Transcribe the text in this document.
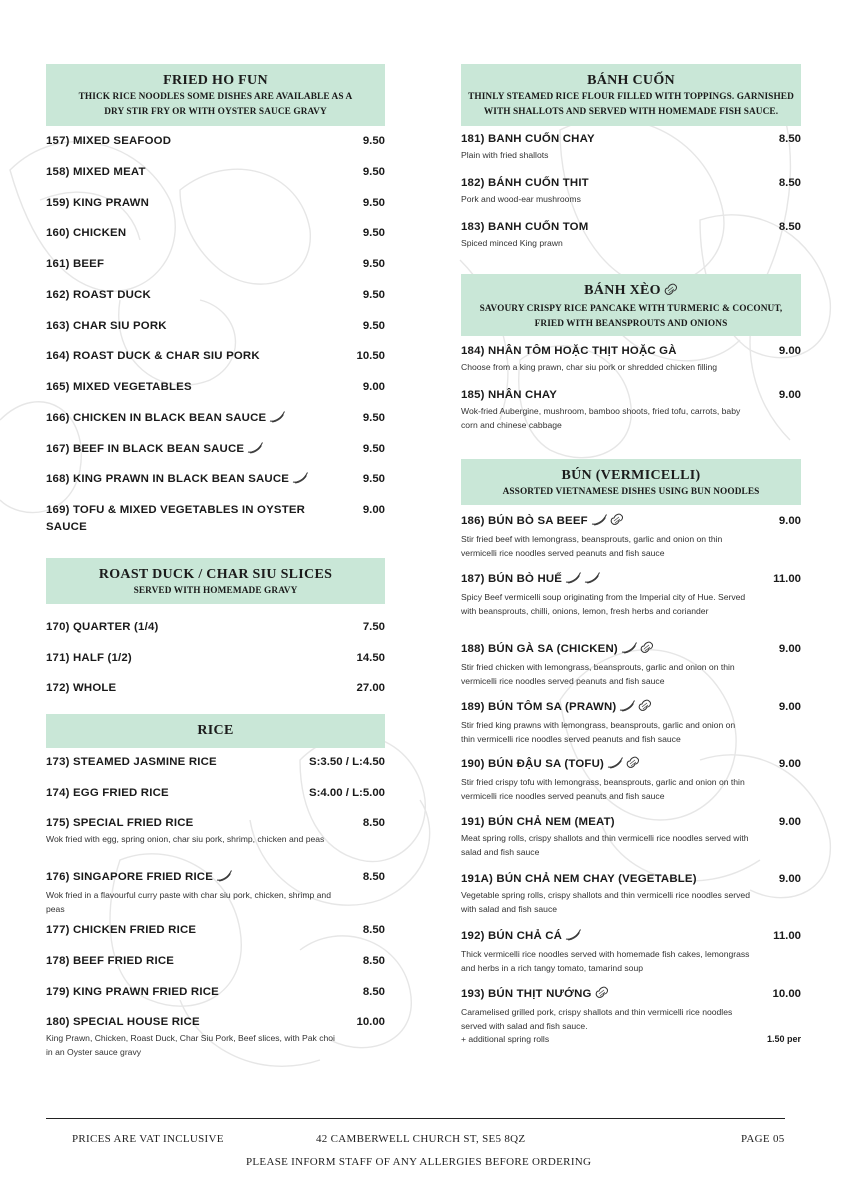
FRIED HO FUN
THICK RICE NOODLES SOME DISHES ARE AVAILABLE AS A
DRY STIR FRY OR WITH OYSTER SAUCE GRAVY
157) MIXED SEAFOOD	9.50
158) MIXED MEAT	9.50
159) KING PRAWN	9.50
160) CHICKEN	9.50
161) BEEF	9.50
162) ROAST DUCK	9.50
163) CHAR SIU PORK	9.50
164) ROAST DUCK & CHAR SIU PORK	10.50
165) MIXED VEGETABLES	9.00
166) CHICKEN IN BLACK BEAN SAUCE	9.50
167) BEEF IN BLACK BEAN SAUCE	9.50
168) KING PRAWN IN BLACK BEAN SAUCE	9.50
169) TOFU & MIXED VEGETABLES IN OYSTER SAUCE
9.00
ROAST DUCK / CHAR SIU SLICES
SERVED WITH HOMEMADE GRAVY
170) QUARTER (1/4)	7.50
171) HALF (1/2)	14.50
172) WHOLE	27.00
RICE
173) STEAMED JASMINE RICE	S:3.50 / L:4.50
174) EGG FRIED RICE	S:4.00 / L:5.00
175) SPECIAL FRIED RICE	8.50
Wok fried with egg, spring onion, char siu pork, shrimp, chicken and peas
176) SINGAPORE FRIED RICE	8.50
Wok fried in a flavourful curry paste with char siu pork, chicken, shrimp and peas
177) CHICKEN FRIED RICE	8.50
178) BEEF FRIED RICE	8.50
179) KING PRAWN FRIED RICE	8.50
180) SPECIAL HOUSE RICE	10.00
King Prawn, Chicken, Roast Duck, Char Siu Pork, Beef slices, with Pak choi in an Oyster sauce gravy
BÁNH CUỐN
THINLY STEAMED RICE FLOUR FILLED WITH TOPPINGS. GARNISHED
WITH SHALLOTS AND SERVED WITH HOMEMADE FISH SAUCE.
181) BANH CUỐN CHAY	8.50
Plain with fried shallots
182) BÁNH CUỐN THIT	8.50
Pork and wood-ear mushrooms
183) BANH CUỐN TOM	8.50
Spiced minced King prawn
BÁNH XÈO
SAVOURY CRISPY RICE PANCAKE WITH TURMERIC & COCONUT,
FRIED WITH BEANSPROUTS AND ONIONS
184) NHÂN TÔM HOẶC THỊT HOẶC GÀ	9.00
Choose from a king prawn, char siu pork or shredded chicken filling
185) NHÂN CHAY	9.00
Wok-fried Aubergine, mushroom, bamboo shoots, fried tofu, carrots, baby corn and chinese cabbage
BÚN (VERMICELLI)
ASSORTED VIETNAMESE DISHES USING BUN NOODLES
186) BÚN BÒ SA BEEF	9.00
Stir fried beef with lemongrass, beansprouts, garlic and onion on thin vermicelli rice noodles served peanuts and fish sauce
187) BÚN BÒ HUẾ	11.00
Spicy Beef vermicelli soup originating from the Imperial city of Hue. Served with beansprouts, chilli, onions, lemon, fresh herbs and coriander
188) BÚN GÀ SA (CHICKEN)	9.00
Stir fried chicken with lemongrass, beansprouts, garlic and onion on thin vermicelli rice noodles served peanuts and fish sauce
189) BÚN TÔM SA (PRAWN)	9.00
Stir fried king prawns with lemongrass, beansprouts, garlic and onion on thin vermicelli rice noodles served peanuts and fish sauce
190) BÚN ĐẬU SA (TOFU)	9.00
Stir fried crispy tofu with lemongrass, beansprouts, garlic and onion on thin vermicelli rice noodles served peanuts and fish sauce
191) BÚN CHẢ NEM (MEAT)	9.00
Meat spring rolls, crispy shallots and thin vermicelli rice noodles served with salad and fish sauce
191A) BÚN CHẢ NEM CHAY (VEGETABLE)	9.00
Vegetable spring rolls, crispy shallots and thin vermicelli rice noodles served with salad and fish sauce
192) BÚN CHẢ CÁ	11.00
Thick vermicelli rice noodles served with homemade fish cakes, lemongrass and herbs in a rich tangy tomato, tamarind soup
193) BÚN THỊT NƯỚNG	10.00
Caramelised grilled pork, crispy shallots and thin vermicelli rice noodles served with salad and fish sauce.
+ additional spring rolls	1.50 per
PRICES ARE VAT INCLUSIVE	42 CAMBERWELL CHURCH ST, SE5 8QZ	PAGE 05
PLEASE INFORM STAFF OF ANY ALLERGIES BEFORE ORDERING
